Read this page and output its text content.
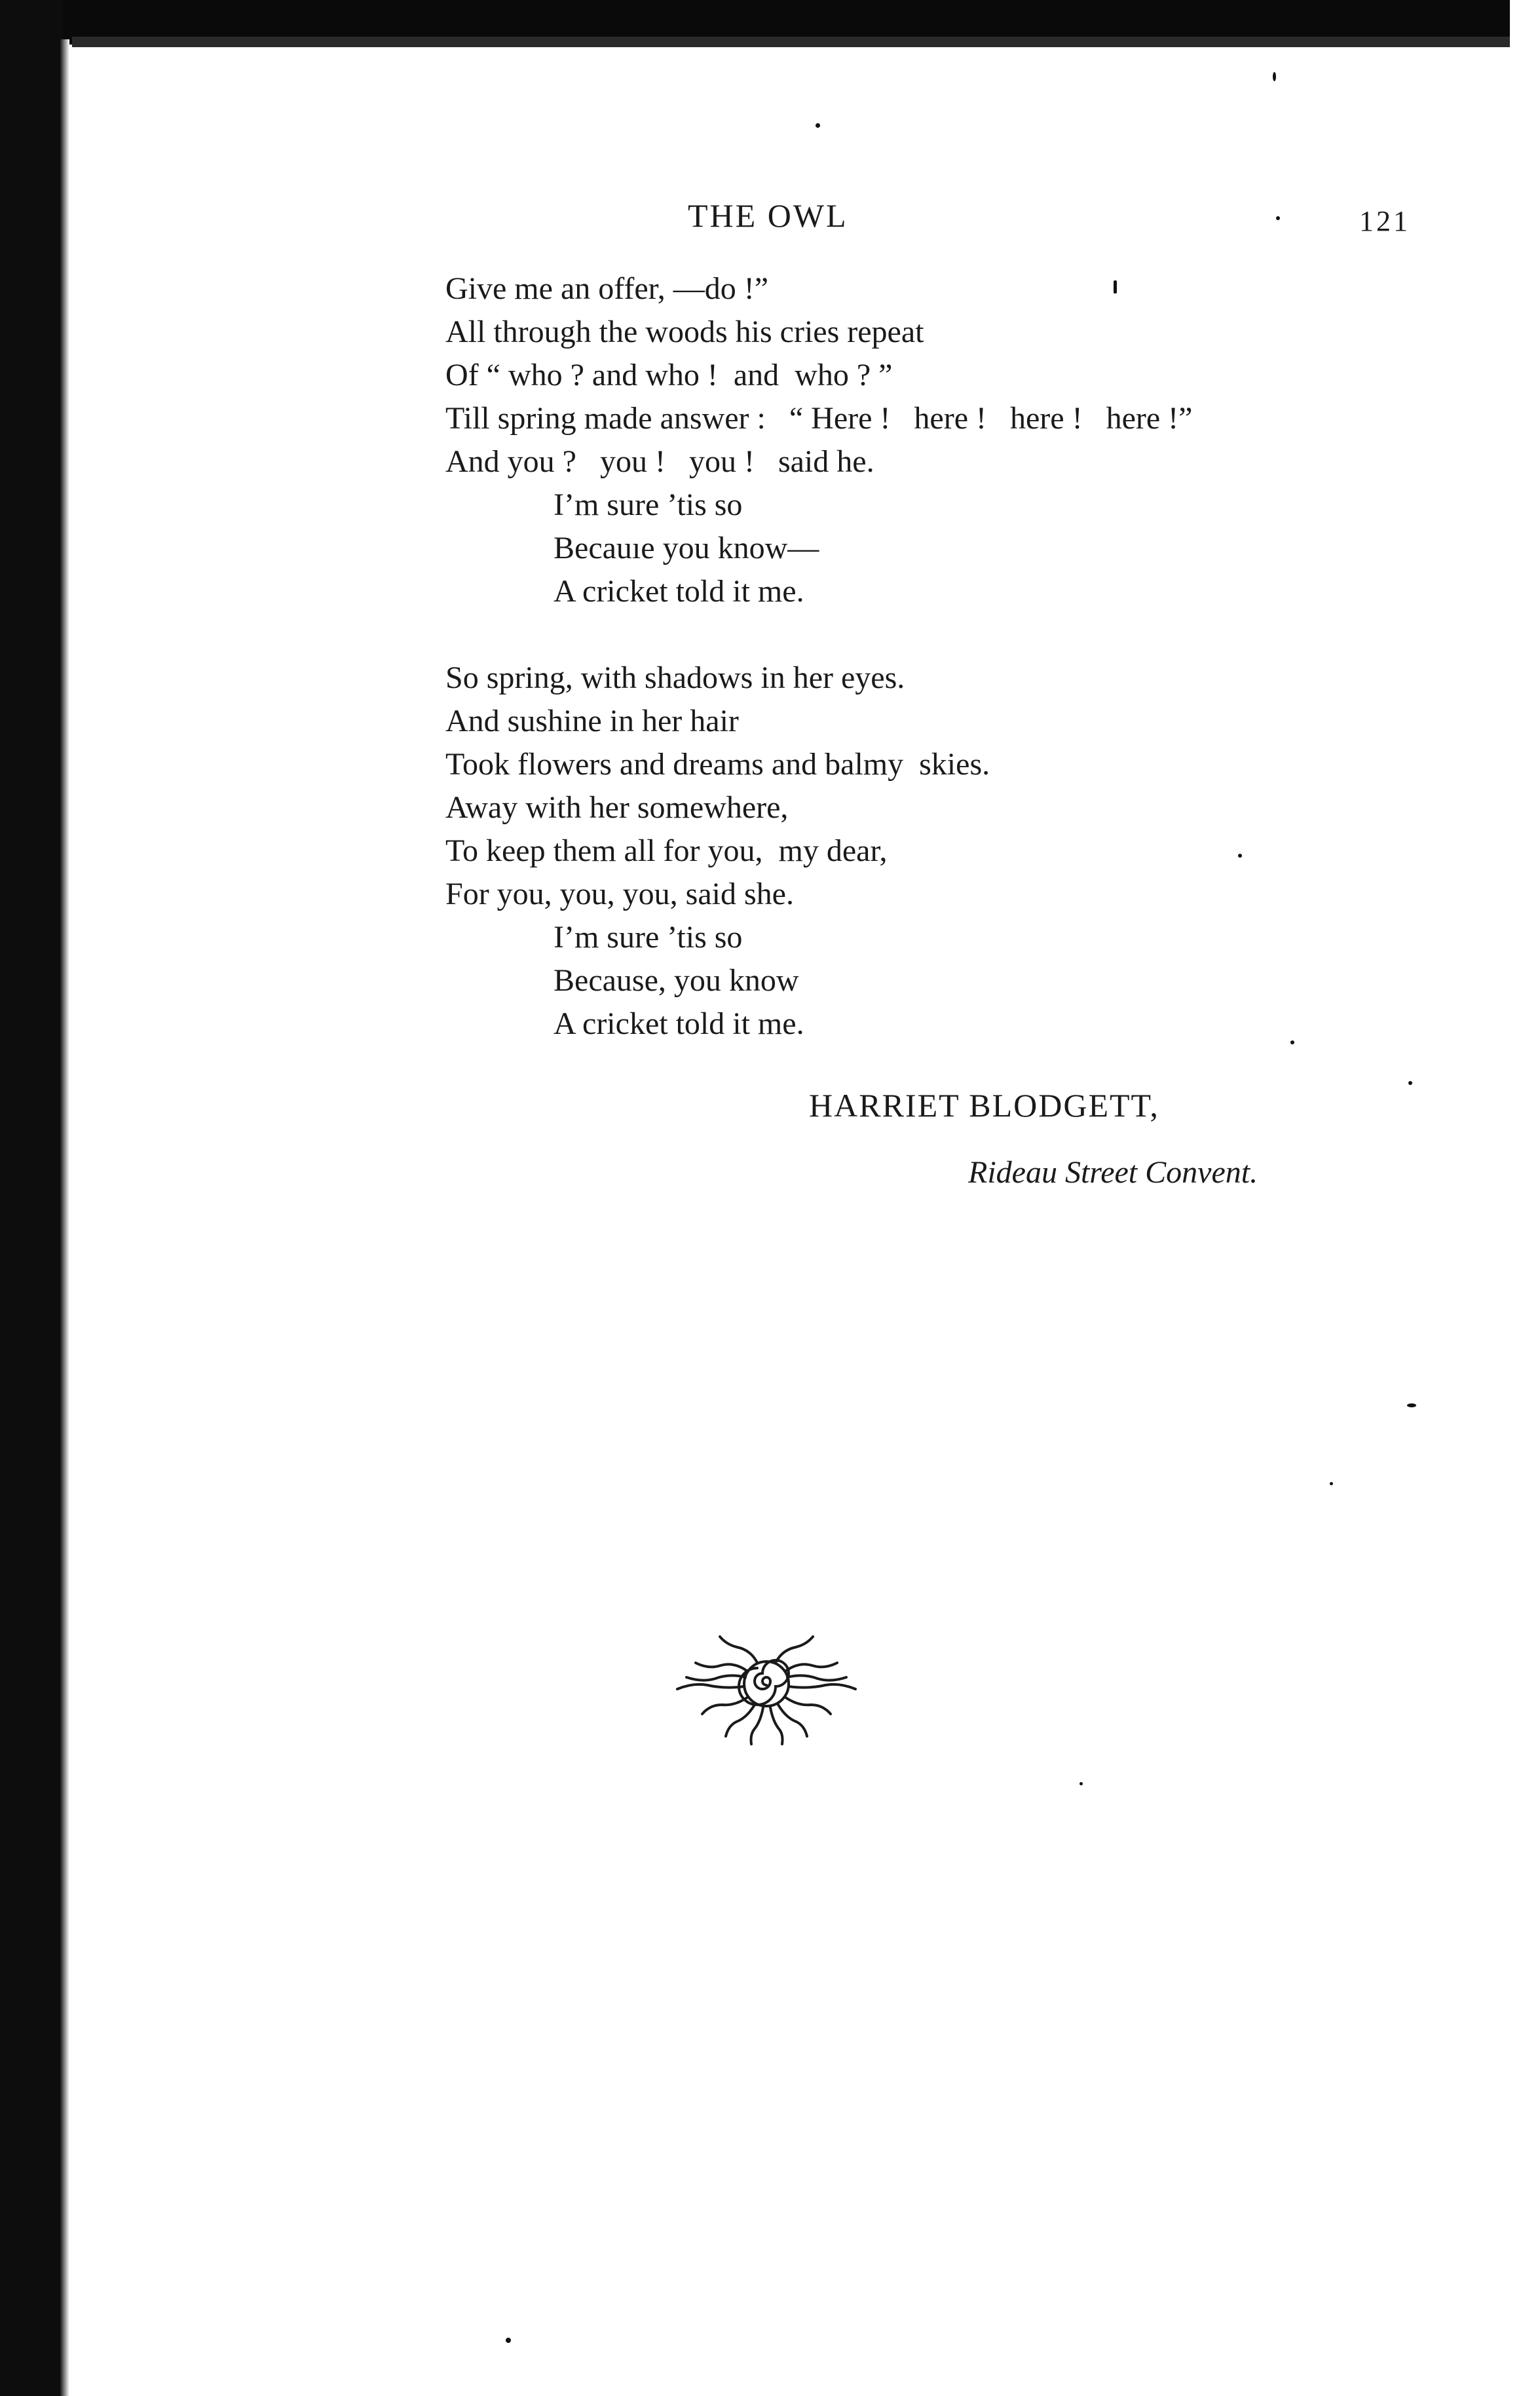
THE OWL	121
Give me an offer, —do !”
All through the woods his cries repeat
Of “ who ? and who !  and  who ? ”
Till spring made answer :   “ Here !   here !   here !   here !”
And you ?   you !   you !   said he.
I’m sure ’tis so
Becauıe you know—
A cricket told it me.
So spring, with shadows in her eyes.
And sushine in her hair
Took flowers and dreams and balmy  skies.
Away with her somewhere,
To keep them all for you,  my dear,
For you, you, you, said she.
I’m sure ’tis so
Because, you know
A cricket told it me.
HARRIET BLODGETT,
Rideau Street Convent.
